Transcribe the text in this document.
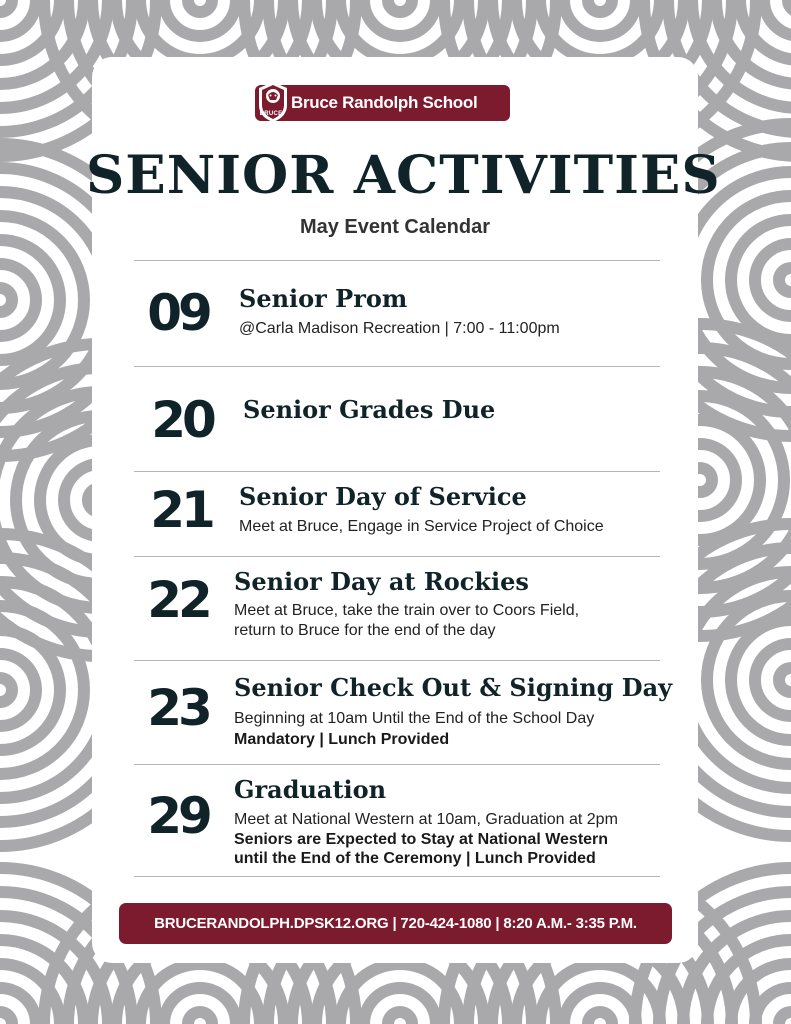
BRUCE
Bruce Randolph School
SENIOR ACTIVITIES
May Event Calendar
09	Senior Prom
@Carla Madison Recreation | 7:00 - 11:00pm
20	Senior Grades Due
21	Senior Day of Service
Meet at Bruce, Engage in Service Project of Choice
22	Senior Day at Rockies
Meet at Bruce, take the train over to Coors Field,
return to Bruce for the end of the day
23	Senior Check Out & Signing Day
Beginning at 10am Until the End of the School Day
Mandatory | Lunch Provided
29	Graduation
Meet at National Western at 10am, Graduation at 2pm
Seniors are Expected to Stay at National Western
until the End of the Ceremony | Lunch Provided
BRUCERANDOLPH.DPSK12.ORG | 720-424-1080 | 8:20 A.M.- 3:35 P.M.
